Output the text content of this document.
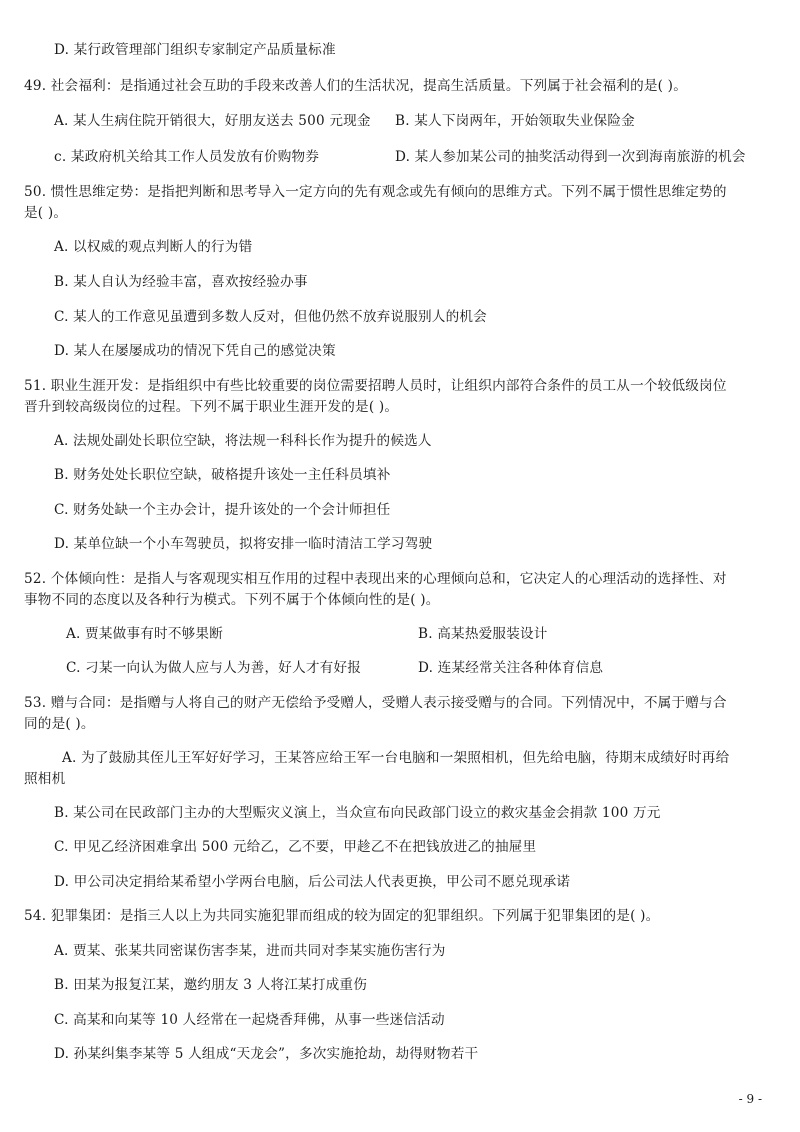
D. 某行政管理部门组织专家制定产品质量标准
49. 社会福利：是指通过社会互助的手段来改善人们的生活状况，提高生活质量。下列属于社会福利的是( )。
A. 某人生病住院开销很大，好朋友送去 500 元现金 B. 某人下岗两年，开始领取失业保险金
c. 某政府机关给其工作人员发放有价购物券	D. 某人参加某公司的抽奖活动得到一次到海南旅游的机会
50. 惯性思维定势：是指把判断和思考导入一定方向的先有观念或先有倾向的思维方式。下列不属于惯性思维定势的
是( )。
A. 以权威的观点判断人的行为错
B. 某人自认为经验丰富，喜欢按经验办事
C. 某人的工作意见虽遭到多数人反对，但他仍然不放弃说服别人的机会
D. 某人在屡屡成功的情况下凭自己的感觉决策
51. 职业生涯开发：是指组织中有些比较重要的岗位需要招聘人员时，让组织内部符合条件的员工从一个较低级岗位
晋升到较高级岗位的过程。下列不属于职业生涯开发的是( )。
A. 法规处副处长职位空缺，将法规一科科长作为提升的候选人
B. 财务处处长职位空缺，破格提升该处一主任科员填补
C. 财务处缺一个主办会计，提升该处的一个会计师担任
D. 某单位缺一个小车驾驶员，拟将安排一临时清洁工学习驾驶
52. 个体倾向性：是指人与客观现实相互作用的过程中表现出来的心理倾向总和，它决定人的心理活动的选择性、对
事物不同的态度以及各种行为模式。下列不属于个体倾向性的是( )。
A. 贾某做事有时不够果断	B. 高某热爱服装设计
C. 刁某一向认为做人应与人为善，好人才有好报	D. 连某经常关注各种体育信息
53. 赠与合同：是指赠与人将自己的财产无偿给予受赠人，受赠人表示接受赠与的合同。下列情况中，不属于赠与合
同的是( )。
A. 为了鼓励其侄儿王军好好学习，王某答应给王军一台电脑和一架照相机，但先给电脑，待期末成绩好时再给
照相机
B. 某公司在民政部门主办的大型赈灾义演上，当众宣布向民政部门设立的救灾基金会捐款 100 万元
C. 甲见乙经济困难拿出 500 元给乙，乙不要，甲趁乙不在把钱放进乙的抽屉里
D. 甲公司决定捐给某希望小学两台电脑，后公司法人代表更换，甲公司不愿兑现承诺
54. 犯罪集团：是指三人以上为共同实施犯罪而组成的较为固定的犯罪组织。下列属于犯罪集团的是( )。
A. 贾某、张某共同密谋伤害李某，进而共同对李某实施伤害行为
B. 田某为报复江某，邀约朋友 3 人将江某打成重伤
C. 高某和向某等 10 人经常在一起烧香拜佛，从事一些迷信活动
D. 孙某纠集李某等 5 人组成“天龙会”，多次实施抢劫，劫得财物若干
- 9 -
